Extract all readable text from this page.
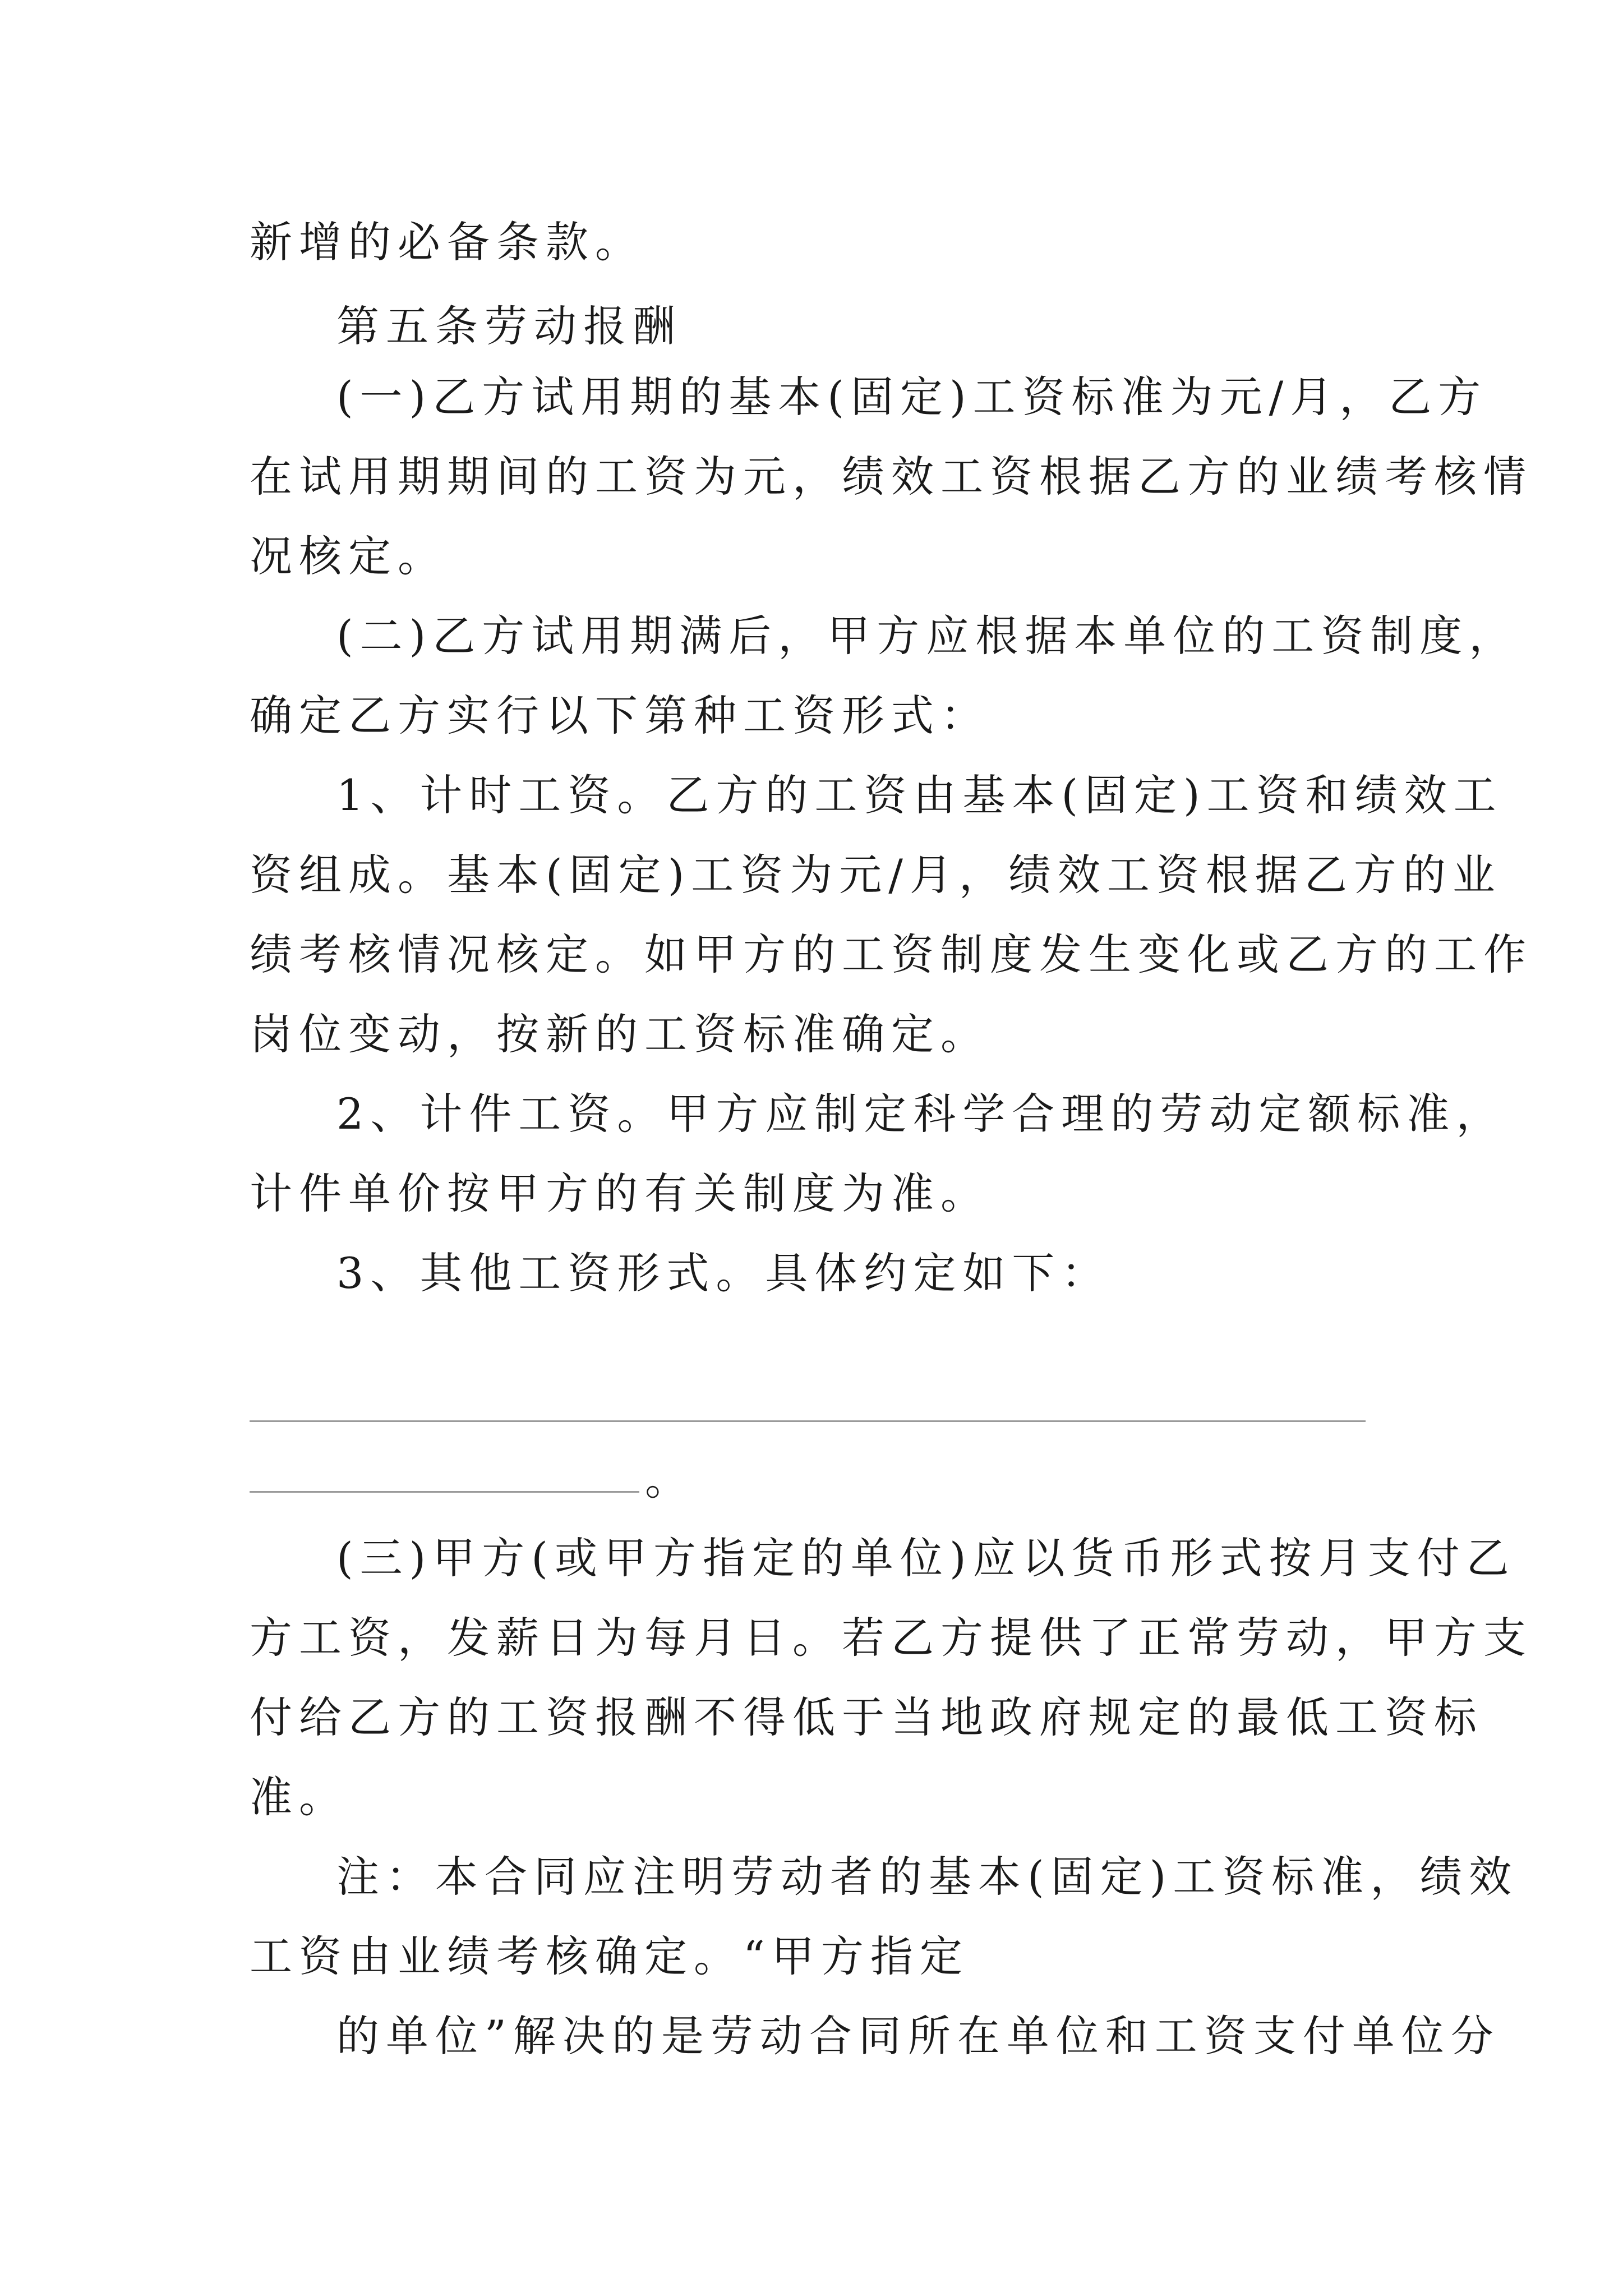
新增的必备条款。
第五条劳动报酬
(一)乙方试用期的基本(固定)工资标准为元/月，乙方
在试用期期间的工资为元，绩效工资根据乙方的业绩考核情
况核定。
(二)乙方试用期满后，甲方应根据本单位的工资制度，
确定乙方实行以下第种工资形式：
1、计时工资。乙方的工资由基本(固定)工资和绩效工
资组成。基本(固定)工资为元/月，绩效工资根据乙方的业
绩考核情况核定。如甲方的工资制度发生变化或乙方的工作
岗位变动，按新的工资标准确定。
2、计件工资。甲方应制定科学合理的劳动定额标准，
计件单价按甲方的有关制度为准。
3、其他工资形式。具体约定如下：
。
(三)甲方(或甲方指定的单位)应以货币形式按月支付乙
方工资，发薪日为每月日。若乙方提供了正常劳动，甲方支
付给乙方的工资报酬不得低于当地政府规定的最低工资标
准。
注：本合同应注明劳动者的基本(固定)工资标准，绩效
工资由业绩考核确定。“甲方指定
的单位”解决的是劳动合同所在单位和工资支付单位分
